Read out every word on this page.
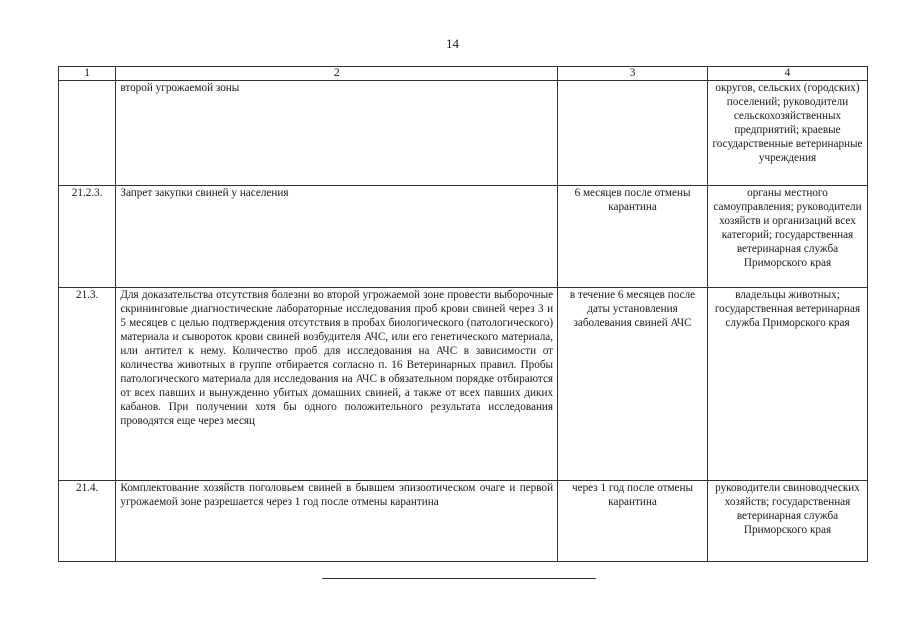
14
1	2	3	4
	второй угрожаемой зоны		округов, сельских (городских) поселений; руководители сельскохозяйственных предприятий; краевые государственные ветеринарные учреждения
21.2.3.	Запрет закупки свиней у населения	6 месяцев после отмены карантина	органы местного самоуправления; руководители хозяйств и организаций всех категорий; государственная ветеринарная служба Приморского края
21.3.	Для доказательства отсутствия болезни во второй угрожаемой зоне провести выборочные скрининговые диагностические лабораторные исследования проб крови свиней через 3 и 5 месяцев с целью подтверждения отсутствия в пробах биологического (патологического) материала и сывороток крови свиней возбудителя АЧС, или его генетического материала, или антител к нему. Количество проб для исследования на АЧС в зависимости от количества животных в группе отбирается согласно п. 16 Ветеринарных правил. Пробы патологического материала для исследования на АЧС в обязательном порядке отбираются от всех павших и вынужденно убитых домашних свиней, а также от всех павших диких кабанов. При получении хотя бы одного положительного результата исследования проводятся еще через месяц	в течение 6 месяцев после даты установления заболевания свиней АЧС	владельцы животных; государственная ветеринарная служба Приморского края
21.4.	Комплектование хозяйств поголовьем свиней в бывшем эпизоотическом очаге и первой угрожаемой зоне разрешается через 1 год после отмены карантина	через 1 год после отмены карантина	руководители свиноводческих хозяйств; государственная ветеринарная служба Приморского края
